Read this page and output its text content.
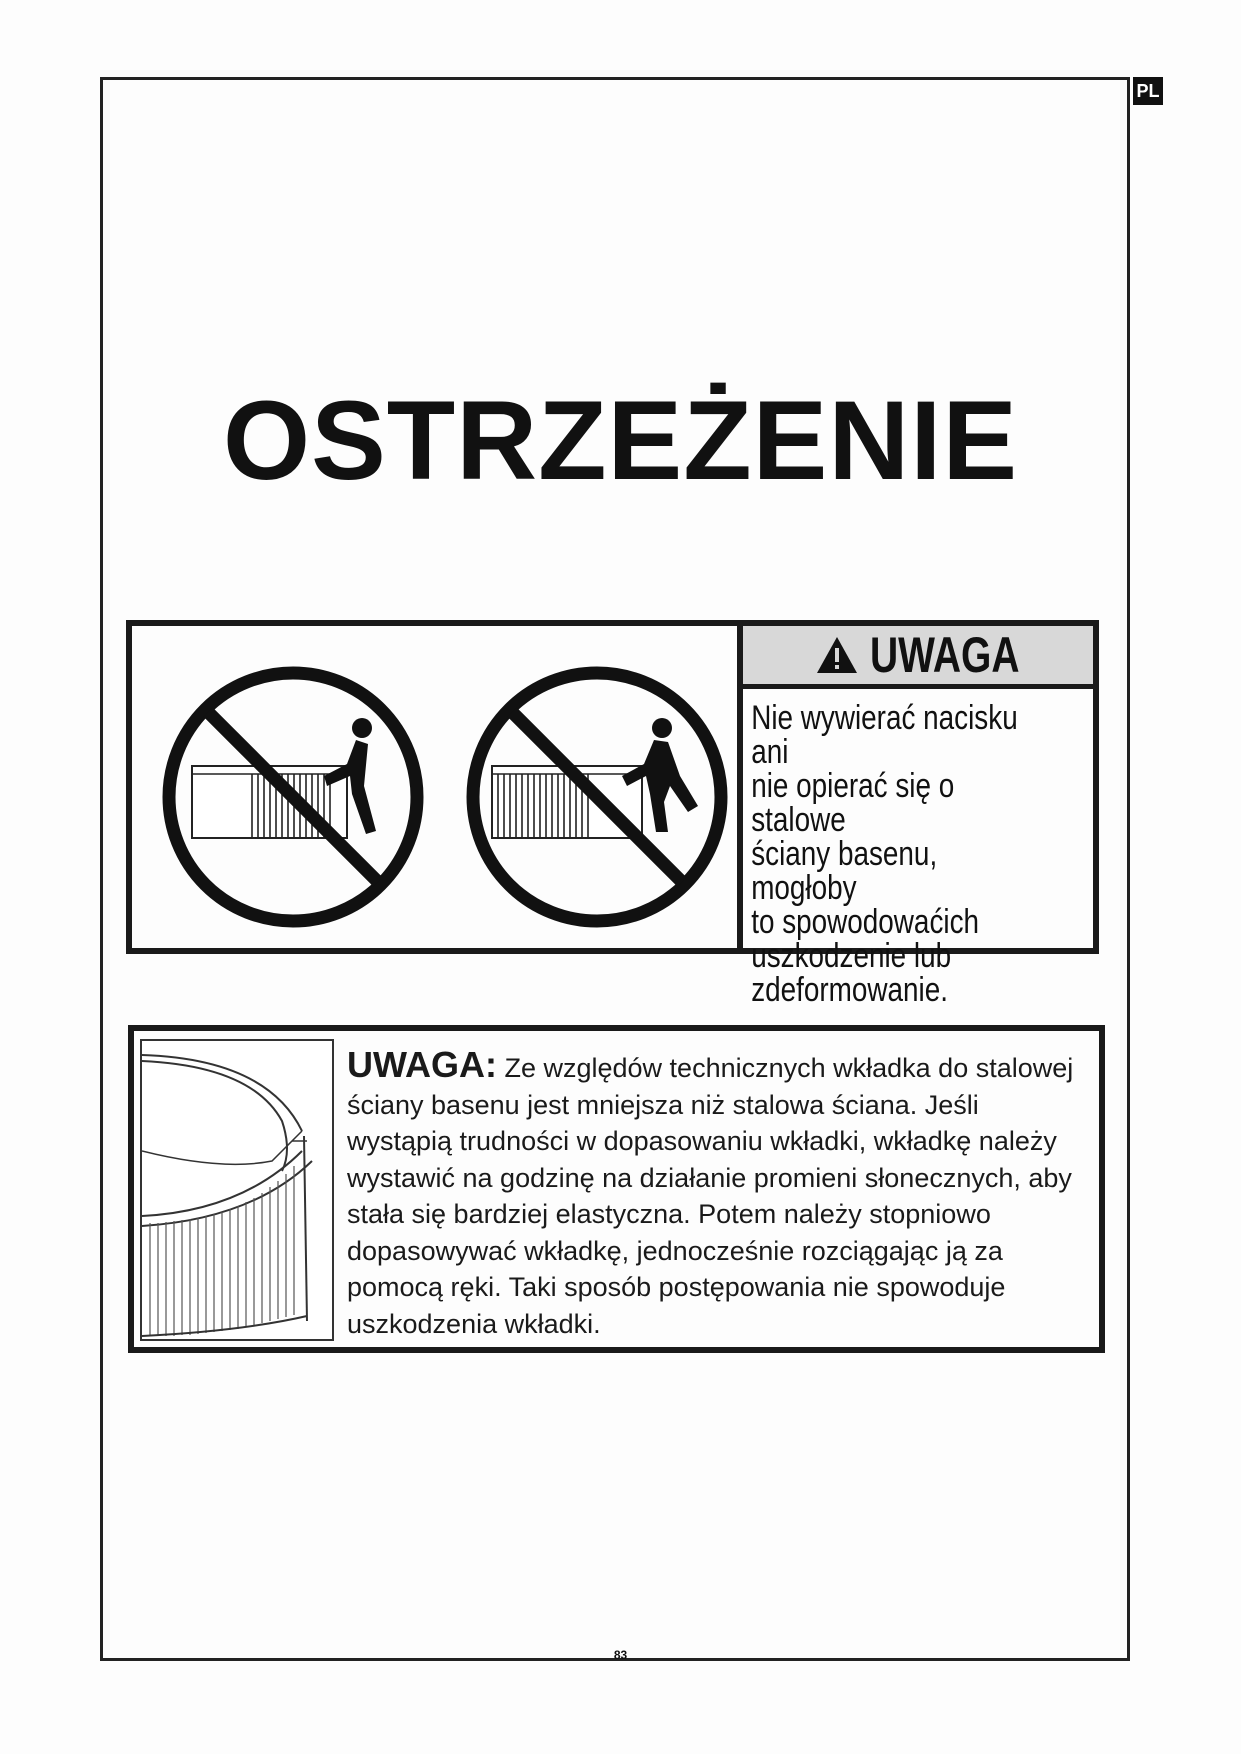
PL
OSTRZEŻENIE
UWAGA
Nie wywierać nacisku ani
nie opierać się o stalowe
ściany basenu, mogłoby
to spowodowaćich
uszkodzenie lub
zdeformowanie.
UWAGA: Ze względów technicznych wkładka do stalowej
ściany basenu jest mniejsza niż stalowa ściana. Jeśli
wystąpią trudności w dopasowaniu wkładki, wkładkę należy
wystawić na godzinę na działanie promieni słonecznych, aby
stała się bardziej elastyczna. Potem należy stopniowo
dopasowywać wkładkę, jednocześnie rozciągając ją za
pomocą ręki. Taki sposób postępowania nie spowoduje
uszkodzenia wkładki.
83
